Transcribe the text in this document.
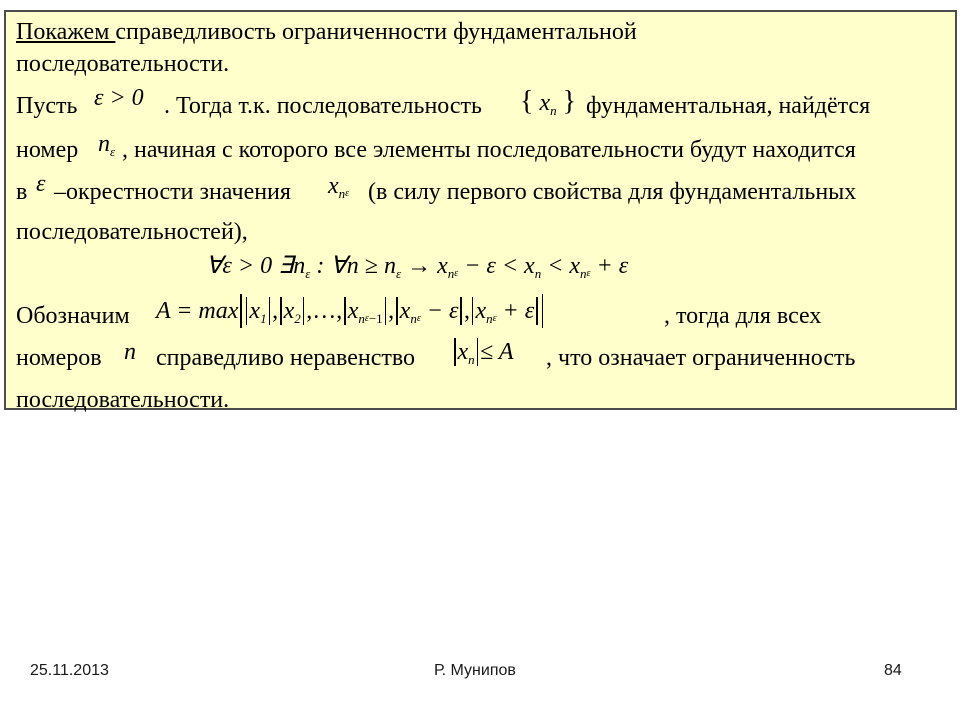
Покажем справедливость ограниченности фундаментальной
последовательности.
Пусть ε > 0 . Тогда т.к. последовательность { $x_n$ } фундаментальная, найдётся
номер $n_\varepsilon$ , начиная с которого все элементы последовательности будут находится
в ε –окрестности значения $x_n\varepsilon$ (в силу первого свойства для фундаментальных
последовательностей),
∀ε > 0 $\exists n_\varepsilon$ : ∀n ≥ $n_\varepsilon \to x_n\varepsilon - \varepsilon < x_n < x_n\varepsilon + \varepsilon$
Обозначим $A = \max x_1$ , $x_2$ ,…, $x_n\varepsilon_{-1}$ , $x_n\varepsilon - \varepsilon$ , $x_n\varepsilon + \varepsilon$	, тогда для всех
номеров n справедливо неравенство $x_n \le A$ , что означает ограниченность
последовательности.
25.11.2013	Р. Мунипов	84
